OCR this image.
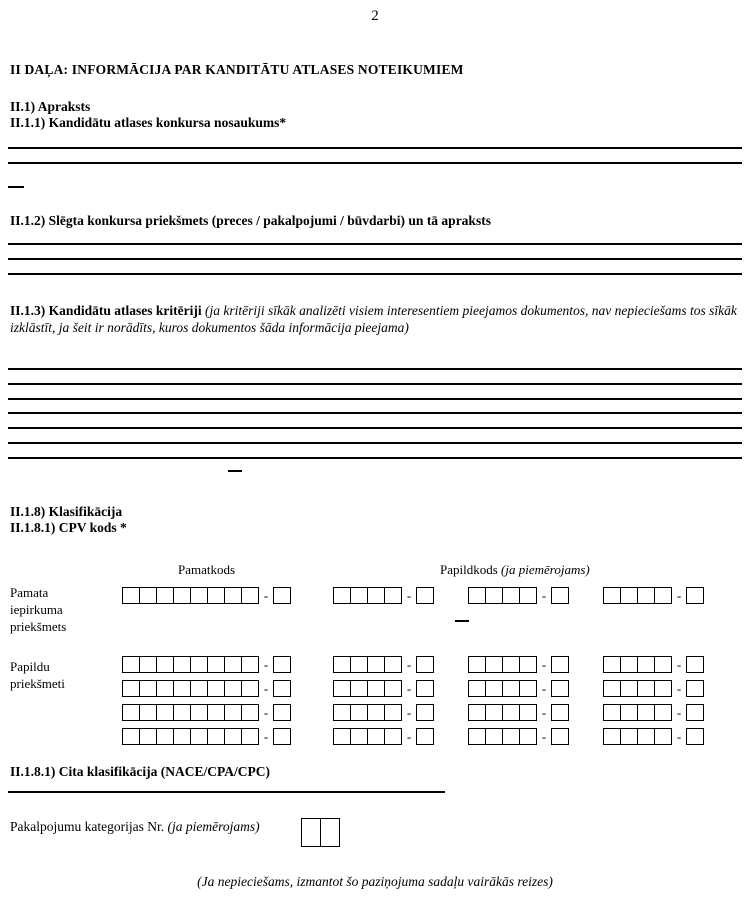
2
II DAĻA: INFORMĀCIJA PAR KANDITĀTU ATLASES NOTEIKUMIEM
II.1) Apraksts
II.1.1) Kandidātu atlases konkursa nosaukums*
II.1.2) Slēgta konkursa priekšmets (preces / pakalpojumi / būvdarbi) un tā apraksts

II.1.3) Kandidātu atlases kritēriji (ja kritēriji sīkāk analizēti visiem interesentiem pieejamos dokumentos, nav nepieciešams tos sīkāk izklāstīt, ja šeit ir norādīts, kuros dokumentos šāda informācija pieejama)

II.1.8) Klasifikācija
II.1.8.1) CPV kods *
Pamatkods	Papildkods (ja piemērojams)
Pamata iepirkuma priekšmets
-	-	-	-
Papildu priekšmeti
-	-	-	-
-	-	-	-
-	-	-	-
-	-	-	-
II.1.8.1) Cita klasifikācija (NACE/CPA/CPC)
Pakalpojumu kategorijas Nr. (ja piemērojams)
(Ja nepieciešams, izmantot šo paziņojuma sadaļu vairākās reizes)
